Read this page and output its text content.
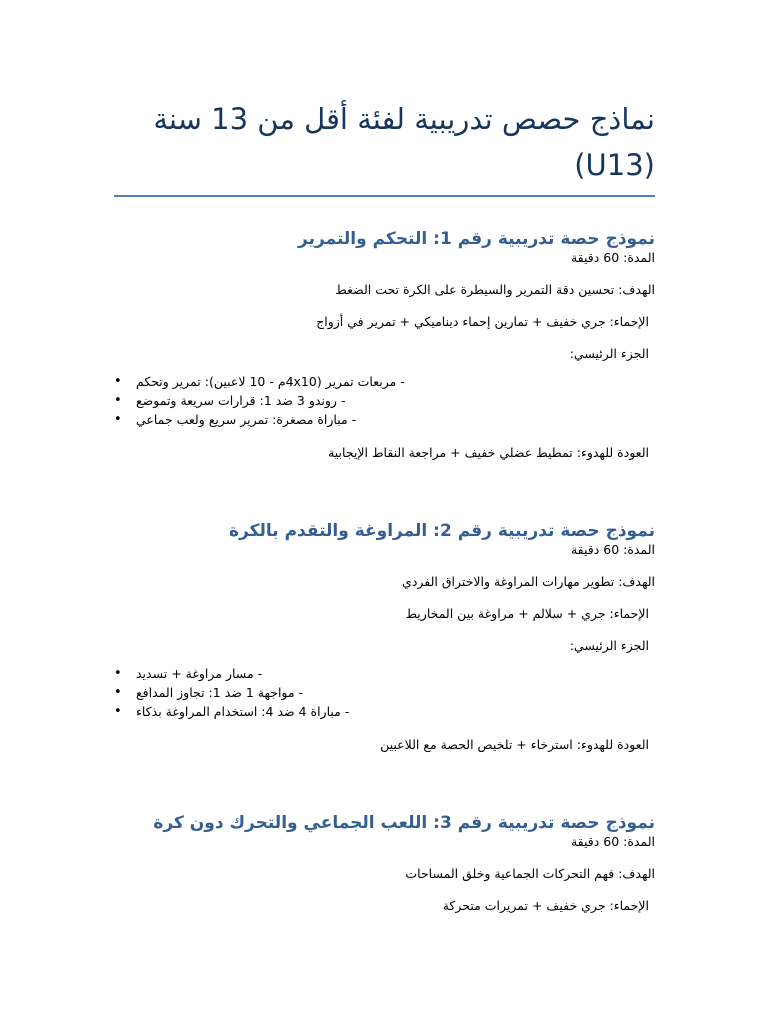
نماذج حصص تدريبية لفئة أقل من 13 سنة (U13)
نموذج حصة تدريبية رقم 1: التحكم والتمرير

المدة: 60 دقيقة

الهدف: تحسين دقة التمرير والسيطرة على الكرة تحت الضغط

الإحماء: جري خفيف + تمارين إحماء ديناميكي + تمرير في أزواج

الجزء الرئيسي:

• - مربعات تمرير (4x10م - 10 لاعبين): تمرير وتحكم
• - روندو 3 ضد 1: قرارات سريعة وتموضع
• - مباراة مصغرة: تمرير سريع ولعب جماعي

العودة للهدوء: تمطيط عضلي خفيف + مراجعة النقاط الإيجابية

نموذج حصة تدريبية رقم 2: المراوغة والتقدم بالكرة

المدة: 60 دقيقة

الهدف: تطوير مهارات المراوغة والاختراق الفردي

الإحماء: جري + سلالم + مراوغة بين المخاريط

الجزء الرئيسي:

• - مسار مراوغة + تسديد
• - مواجهة 1 ضد 1: تجاوز المدافع
• - مباراة 4 ضد 4: استخدام المراوغة بذكاء

العودة للهدوء: استرخاء + تلخيص الحصة مع اللاعبين

نموذج حصة تدريبية رقم 3: اللعب الجماعي والتحرك دون كرة

المدة: 60 دقيقة

الهدف: فهم التحركات الجماعية وخلق المساحات

الإحماء: جري خفيف + تمريرات متحركة
